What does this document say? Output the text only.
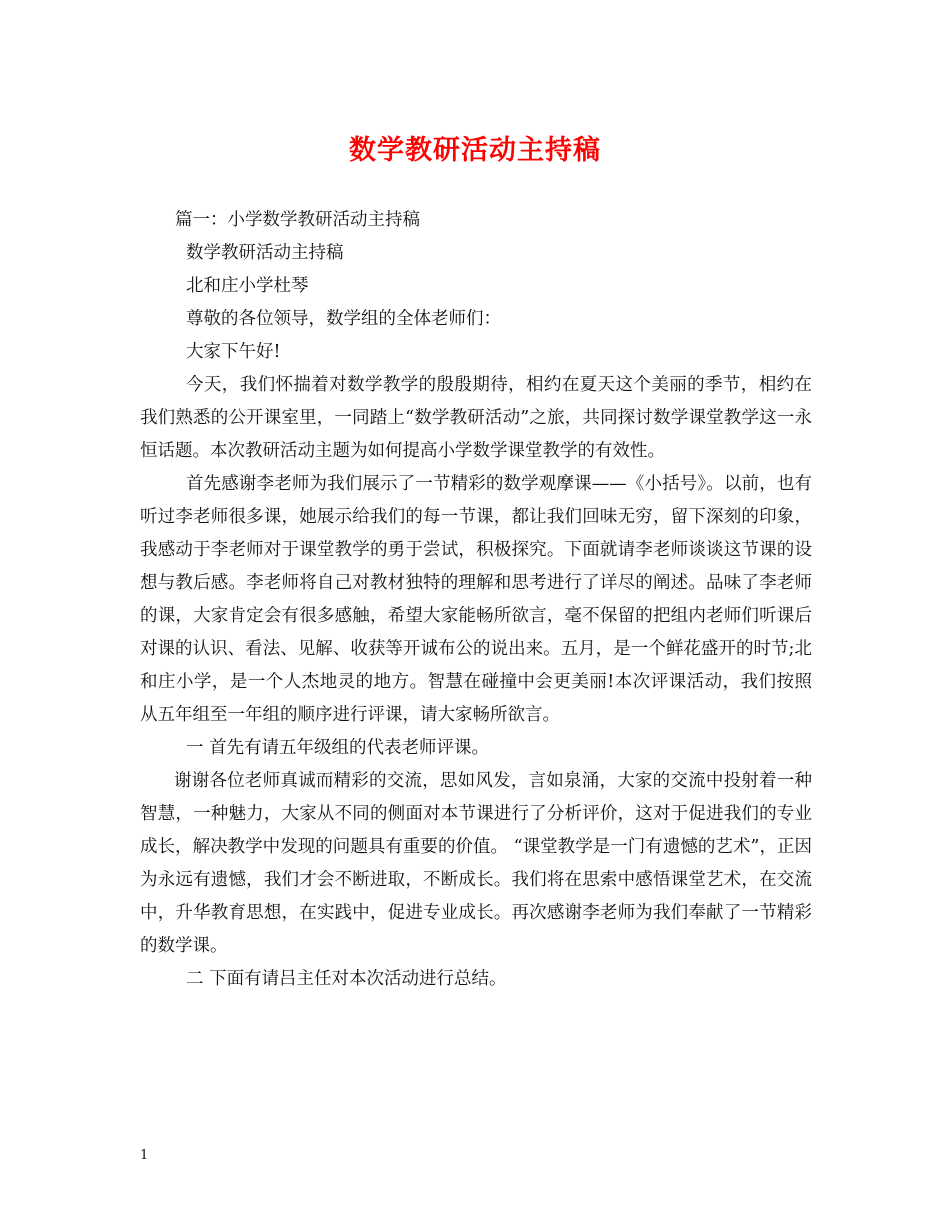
数学教研活动主持稿

篇一：小学数学教研活动主持稿

数学教研活动主持稿

北和庄小学杜琴

尊敬的各位领导，数学组的全体老师们：

大家下午好!

今天，我们怀揣着对数学教学的殷殷期待，相约在夏天这个美丽的季节，相约在我们熟悉的公开课室里，一同踏上“数学教研活动”之旅，共同探讨数学课堂教学这一永恒话题。本次教研活动主题为如何提高小学数学课堂教学的有效性。

首先感谢李老师为我们展示了一节精彩的数学观摩课——《小括号》。以前，也有听过李老师很多课，她展示给我们的每一节课，都让我们回味无穷，留下深刻的印象，我感动于李老师对于课堂教学的勇于尝试，积极探究。下面就请李老师谈谈这节课的设想与教后感。李老师将自己对教材独特的理解和思考进行了详尽的阐述。品味了李老师的课，大家肯定会有很多感触，希望大家能畅所欲言，毫不保留的把组内老师们听课后对课的认识、看法、见解、收获等开诚布公的说出来。五月，是一个鲜花盛开的时节;北和庄小学，是一个人杰地灵的地方。智慧在碰撞中会更美丽!本次评课活动，我们按照从五年组至一年组的顺序进行评课，请大家畅所欲言。

一 首先有请五年级组的代表老师评课。

谢谢各位老师真诚而精彩的交流，思如风发，言如泉涌，大家的交流中投射着一种智慧，一种魅力，大家从不同的侧面对本节课进行了分析评价，这对于促进我们的专业成长，解决教学中发现的问题具有重要的价值。 “课堂教学是一门有遗憾的艺术”，正因为永远有遗憾，我们才会不断进取，不断成长。我们将在思索中感悟课堂艺术，在交流中，升华教育思想，在实践中，促进专业成长。再次感谢李老师为我们奉献了一节精彩的数学课。

二 下面有请吕主任对本次活动进行总结。

1
